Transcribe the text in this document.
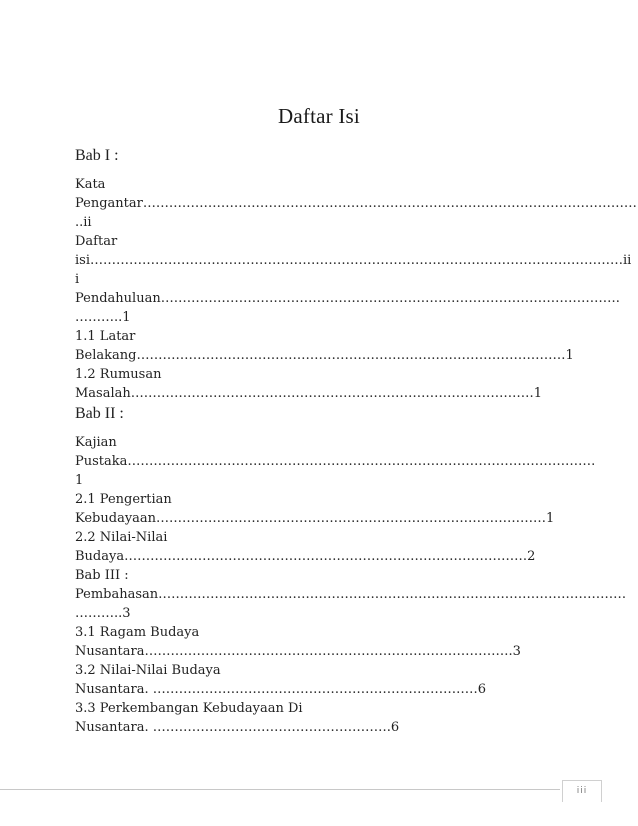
Daftar Isi
Bab I :
Kata
Pengantar……………………………………………………………………………………………………
..ii
Daftar
isi……………………………………………………………………………………………………………ii
i
Pendahuluan…………………………………………………………………………………………….
………..1
1.1 Latar
Belakang………………………………………………………………………………………1
1.2 Rumusan
Masalah…………………………………………………………………………………1
Bab II :
Kajian
Pustaka………………………………………………………………………………………………
1
2.1 Pengertian
Kebudayaan………………………………………………………………………………1
2.2 Nilai-Nilai
Budaya…………………………………………………………………………………2
Bab III :
Pembahasan………………………………………………………………………………………………
………..3
3.1 Ragam Budaya
Nusantara………………………………………………………………………….3
3.2 Nilai-Nilai Budaya
Nusantara. …………………………………………………………………6
3.3 Perkembangan Kebudayaan Di
Nusantara. ……………………………………………….6
iii
